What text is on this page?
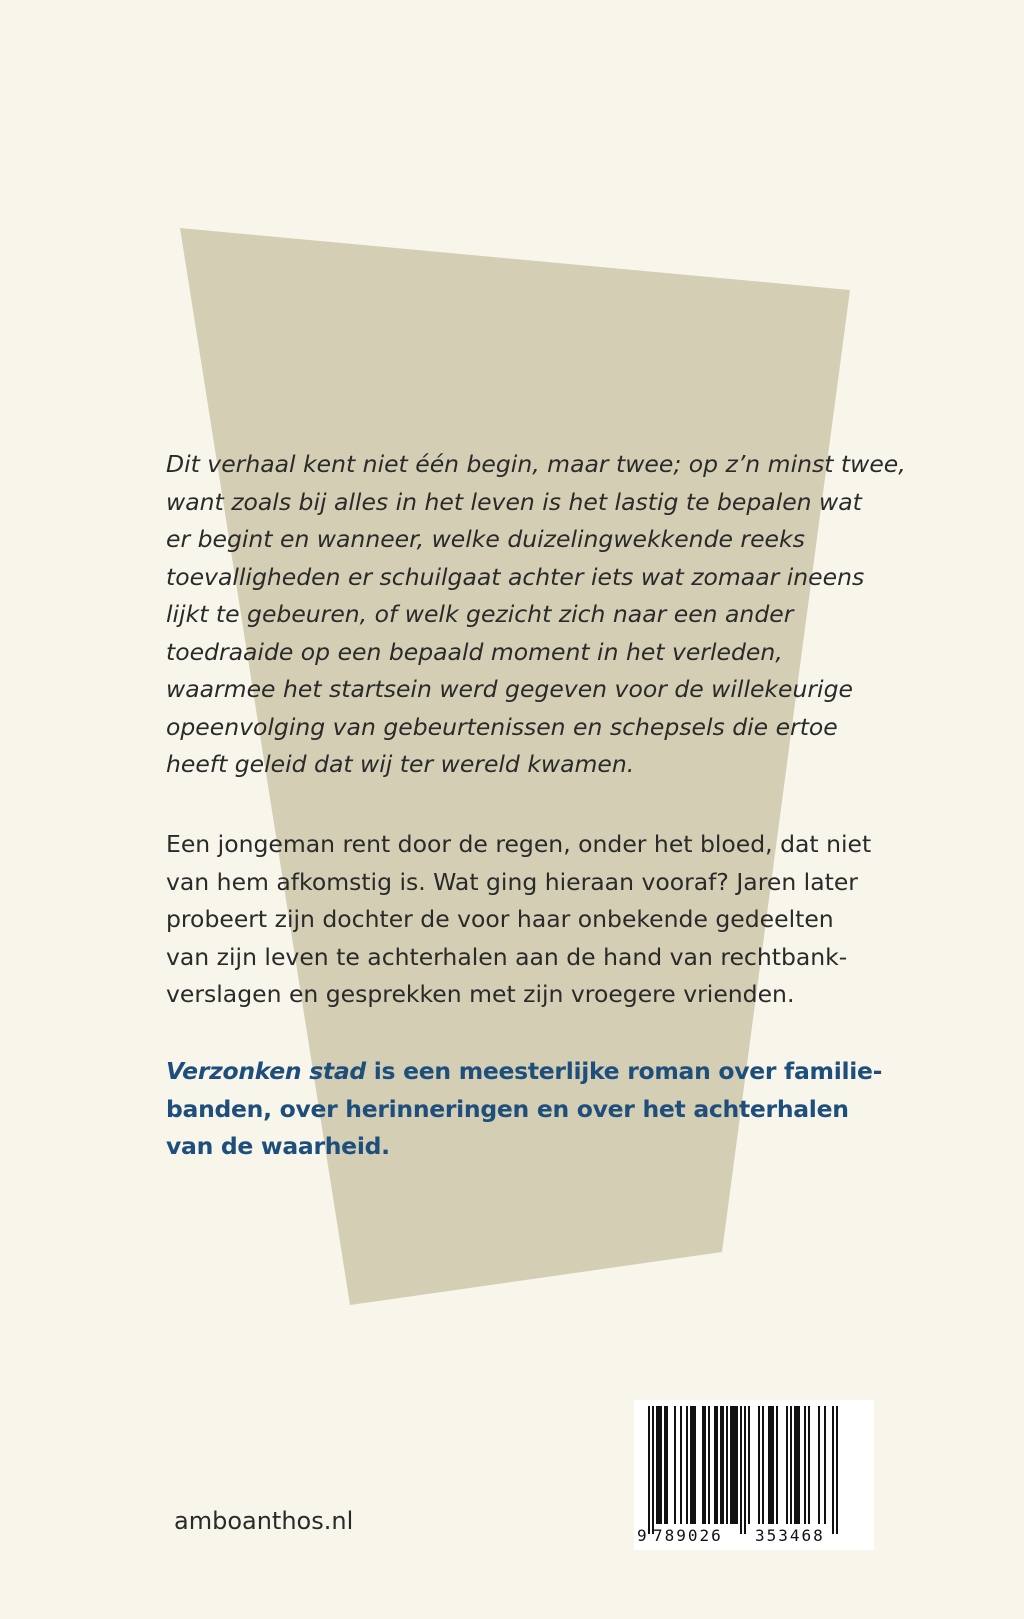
Dit verhaal kent niet één begin, maar twee; op z’n minst twee,
want zoals bij alles in het leven is het lastig te bepalen wat
er begint en wanneer, welke duizelingwekkende reeks
toevalligheden er schuilgaat achter iets wat zomaar ineens
lijkt te gebeuren, of welk gezicht zich naar een ander
toedraaide op een bepaald moment in het verleden,
waarmee het startsein werd gegeven voor de willekeurige
opeenvolging van gebeurtenissen en schepsels die ertoe
heeft geleid dat wij ter wereld kwamen.

Een jongeman rent door de regen, onder het bloed, dat niet
van hem afkomstig is. Wat ging hieraan vooraf? Jaren later
probeert zijn dochter de voor haar onbekende gedeelten
van zijn leven te achterhalen aan de hand van rechtbank-
verslagen en gesprekken met zijn vroegere vrienden.

Verzonken stad is een meesterlijke roman over familie-
banden, over herinneringen en over het achterhalen
van de waarheid.

amboanthos.nl
9 789026 353468
